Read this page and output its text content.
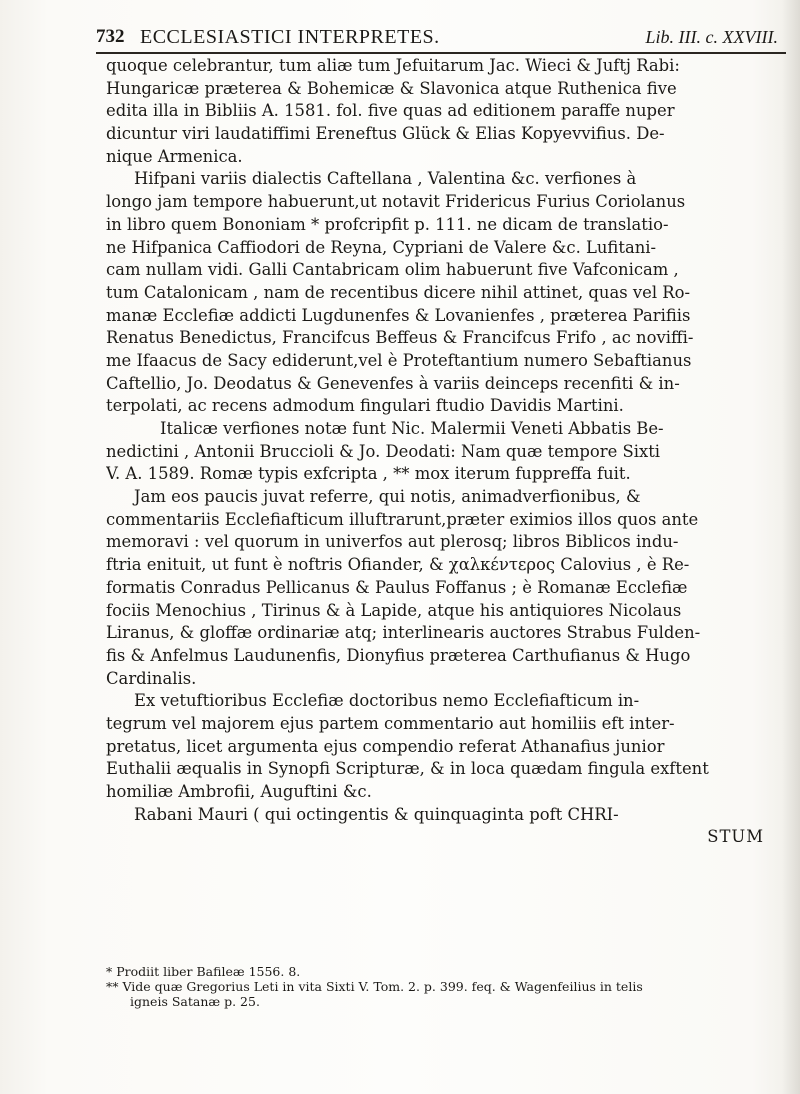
732 ECCLESIASTICI INTERPRETES.	Lib. III. c. XXVIII.
quoque celebrantur, tum aliæ tum Jefuitarum Jac. Wieci & Juftj Rabi:
Hungaricæ præterea & Bohemicæ & Slavonica atque Ruthenica five
edita illa in Bibliis A. 1581. fol. five quas ad editionem paraffe nuper
dicuntur viri laudatiffimi Ereneftus Glück & Elias Kopyevvifius. De-
nique Armenica.
Hifpani variis dialectis Caftellana , Valentina &c. verfiones à
longo jam tempore habuerunt,ut notavit Fridericus Furius Coriolanus
in libro quem Bononiam * profcripfit p. 111. ne dicam de translatio-
ne Hifpanica Caffiodori de Reyna, Cypriani de Valere &c. Lufitani-
cam nullam vidi. Galli Cantabricam olim habuerunt five Vafconicam ,
tum Catalonicam , nam de recentibus dicere nihil attinet, quas vel Ro-
manæ Ecclefiæ addicti Lugdunenfes & Lovanienfes , præterea Parifiis
Renatus Benedictus, Francifcus Beffeus & Francifcus Frifo , ac noviffi-
me Ifaacus de Sacy ediderunt,vel è Proteftantium numero Sebaftianus
Caftellio, Jo. Deodatus & Genevenfes à variis deinceps recenfiti & in-
terpolati, ac recens admodum fingulari ftudio Davidis Martini.
Italicæ verfiones notæ funt Nic. Malermii Veneti Abbatis Be-
nedictini , Antonii Bruccioli & Jo. Deodati: Nam quæ tempore Sixti
V. A. 1589. Romæ typis exfcripta , ** mox iterum fuppreffa fuit.
Jam eos paucis juvat referre, qui notis, animadverfionibus, &
commentariis Ecclefiafticum illuftrarunt,præter eximios illos quos ante
memoravi : vel quorum in univerfos aut plerosq; libros Biblicos indu-
ftria enituit, ut funt è noftris Ofiander, & χαλκέντερος Calovius , è Re-
formatis Conradus Pellicanus & Paulus Foffanus ; è Romanæ Ecclefiæ
fociis Menochius , Tirinus & à Lapide, atque his antiquiores Nicolaus
Liranus, & gloffæ ordinariæ atq; interlinearis auctores Strabus Fulden-
fis & Anfelmus Laudunenfis, Dionyfius præterea Carthufianus & Hugo
Cardinalis.
Ex vetuftioribus Ecclefiæ doctoribus nemo Ecclefiafticum in-
tegrum vel majorem ejus partem commentario aut homiliis eft inter-
pretatus, licet argumenta ejus compendio referat Athanafius junior
Euthalii æqualis in Synopfi Scripturæ, & in loca quædam fingula exftent
homiliæ Ambrofii, Auguftini &c.
Rabani Mauri ( qui octingentis & quinquaginta poft CHRI-
STUM
* Prodiit liber Bafileæ 1556. 8.
** Vide quæ Gregorius Leti in vita Sixti V. Tom. 2. p. 399. feq. & Wagenfeilius in telis
igneis Satanæ p. 25.
